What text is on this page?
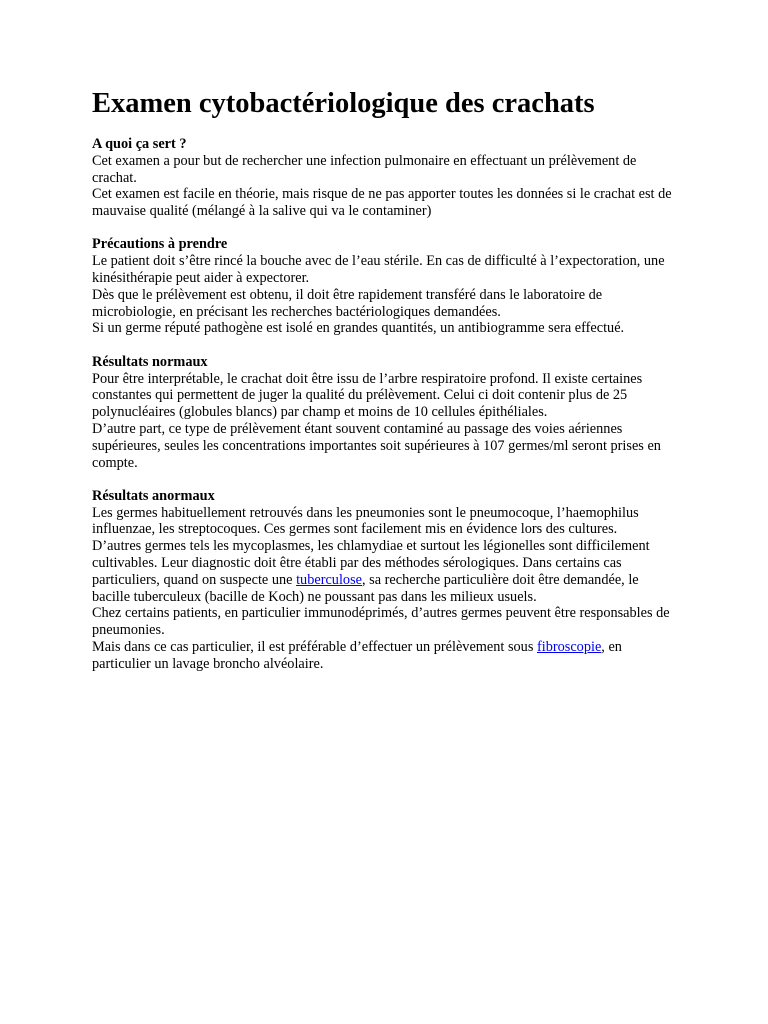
Examen cytobactériologique des crachats
A quoi ça sert ?

Cet examen a pour but de rechercher une infection pulmonaire en effectuant un prélèvement de crachat.

Cet examen est facile en théorie, mais risque de ne pas apporter toutes les données si le crachat est de mauvaise qualité (mélangé à la salive qui va le contaminer)

Précautions à prendre

Le patient doit s’être rincé la bouche avec de l’eau stérile. En cas de difficulté à l’expectoration, une kinésithérapie peut aider à expectorer.

Dès que le prélèvement est obtenu, il doit être rapidement transféré dans le laboratoire de microbiologie, en précisant les recherches bactériologiques demandées.

Si un germe réputé pathogène est isolé en grandes quantités, un antibiogramme sera effectué.

Résultats normaux

Pour être interprétable, le crachat doit être issu de l’arbre respiratoire profond. Il existe certaines constantes qui permettent de juger la qualité du prélèvement. Celui ci doit contenir plus de 25 polynucléaires (globules blancs) par champ et moins de 10 cellules épithéliales.

D’autre part, ce type de prélèvement étant souvent contaminé au passage des voies aériennes supérieures, seules les concentrations importantes soit supérieures à 107 germes/ml seront prises en compte.

Résultats anormaux

Les germes habituellement retrouvés dans les pneumonies sont le pneumocoque, l’haemophilus influenzae, les streptocoques. Ces germes sont facilement mis en évidence lors des cultures.

D’autres germes tels les mycoplasmes, les chlamydiae et surtout les légionelles sont difficilement cultivables. Leur diagnostic doit être établi par des méthodes sérologiques. Dans certains cas particuliers, quand on suspecte une tuberculose, sa recherche particulière doit être demandée, le bacille tuberculeux (bacille de Koch) ne poussant pas dans les milieux usuels.

Chez certains patients, en particulier immunodéprimés, d’autres germes peuvent être responsables de pneumonies.

Mais dans ce cas particulier, il est préférable d’effectuer un prélèvement sous fibroscopie, en particulier un lavage broncho alvéolaire.
